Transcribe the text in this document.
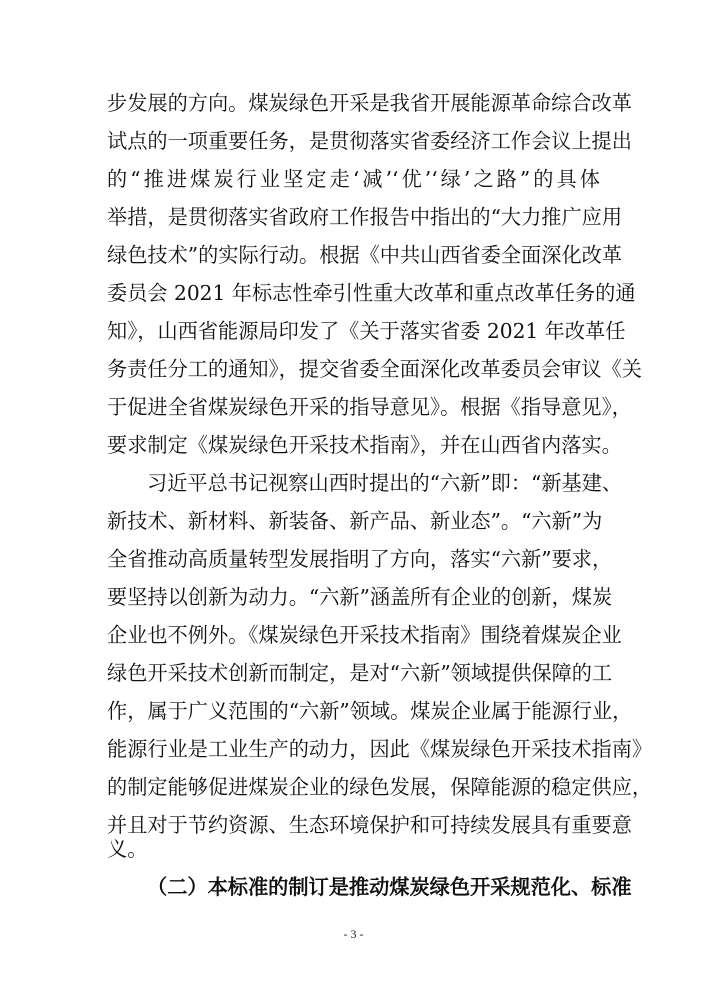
步发展的方向。煤炭绿色开采是我省开展能源革命综合改革
试点的一项重要任务，是贯彻落实省委经济工作会议上提出
的“推进煤炭行业坚定走‘减’‘优’‘绿’之路”的具体
举措，是贯彻落实省政府工作报告中指出的“大力推广应用
绿色技术”的实际行动。根据《中共山西省委全面深化改革
委员会 2021 年标志性牵引性重大改革和重点改革任务的通
知》，山西省能源局印发了《关于落实省委 2021 年改革任
务责任分工的通知》，提交省委全面深化改革委员会审议《关
于促进全省煤炭绿色开采的指导意见》。根据《指导意见》，
要求制定《煤炭绿色开采技术指南》，并在山西省内落实。
习近平总书记视察山西时提出的“六新”即：“新基建、
新技术、新材料、新装备、新产品、新业态”。“六新”为
全省推动高质量转型发展指明了方向，落实“六新”要求，
要坚持以创新为动力。“六新”涵盖所有企业的创新，煤炭
企业也不例外。《煤炭绿色开采技术指南》围绕着煤炭企业
绿色开采技术创新而制定，是对“六新”领域提供保障的工
作，属于广义范围的“六新”领域。煤炭企业属于能源行业，
能源行业是工业生产的动力，因此《煤炭绿色开采技术指南》
的制定能够促进煤炭企业的绿色发展，保障能源的稳定供应，
并且对于节约资源、生态环境保护和可持续发展具有重要意
义。
（二）本标准的制订是推动煤炭绿色开采规范化、标准
- 3 -
